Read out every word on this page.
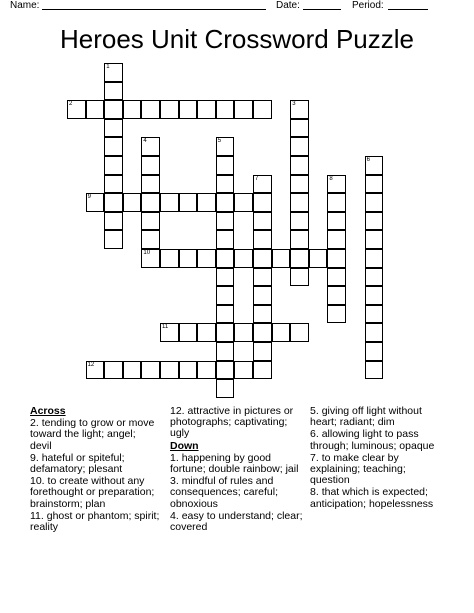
Name:	Date:	Period:
Heroes Unit Crossword Puzzle
1
2	3
4
10
5
6
7	8
9
11
12
Across
2. tending to grow or move toward the light; angel; devil
9. hateful or spiteful; defamatory; plesant
10. to create without any forethought or preparation; brainstorm; plan
11. ghost or phantom; spirit; reality
12. attractive in pictures or photographs; captivating; ugly
Down
1. happening by good fortune; double rainbow; jail
3. mindful of rules and consequences; careful; obnoxious
4. easy to understand; clear; covered
5. giving off light without heart; radiant; dim
6. allowing light to pass through; luminous; opaque
7. to make clear by explaining; teaching; question
8. that which is expected; anticipation; hopelessness
